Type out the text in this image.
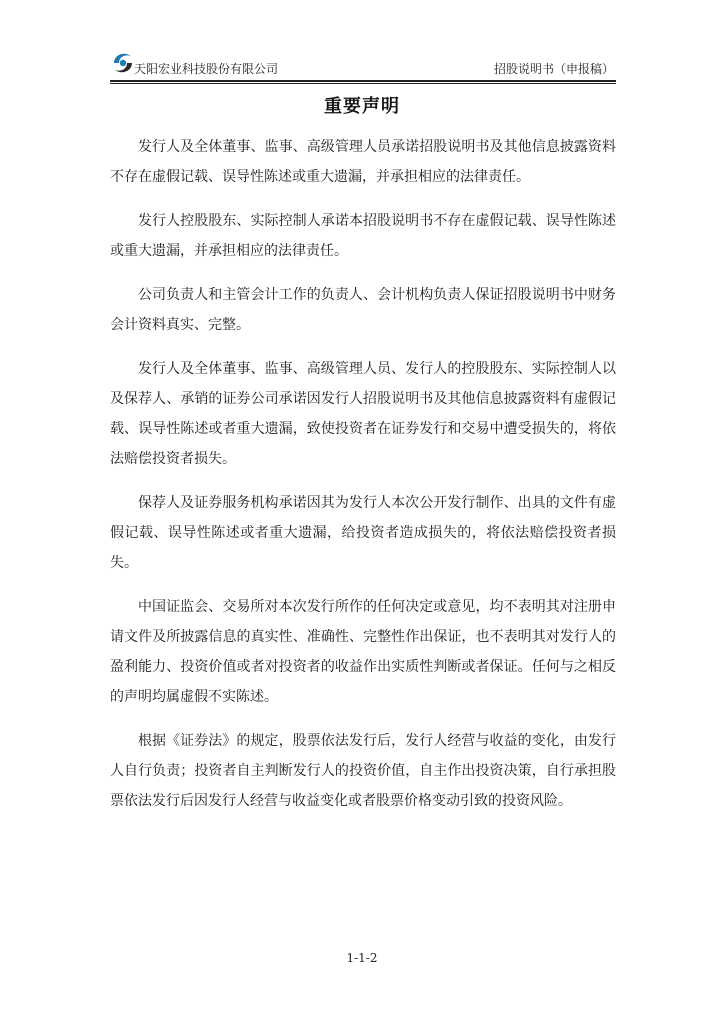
天阳宏业科技股份有限公司	招股说明书（申报稿）
重要声明

发行人及全体董事、监事、高级管理人员承诺招股说明书及其他信息披露资料不存在虚假记载、误导性陈述或重大遗漏，并承担相应的法律责任。

发行人控股股东、实际控制人承诺本招股说明书不存在虚假记载、误导性陈述或重大遗漏，并承担相应的法律责任。

公司负责人和主管会计工作的负责人、会计机构负责人保证招股说明书中财务会计资料真实、完整。

发行人及全体董事、监事、高级管理人员、发行人的控股股东、实际控制人以及保荐人、承销的证券公司承诺因发行人招股说明书及其他信息披露资料有虚假记载、误导性陈述或者重大遗漏，致使投资者在证券发行和交易中遭受损失的，将依法赔偿投资者损失。

保荐人及证券服务机构承诺因其为发行人本次公开发行制作、出具的文件有虚假记载、误导性陈述或者重大遗漏，给投资者造成损失的，将依法赔偿投资者损失。

中国证监会、交易所对本次发行所作的任何决定或意见，均不表明其对注册申请文件及所披露信息的真实性、准确性、完整性作出保证，也不表明其对发行人的盈利能力、投资价值或者对投资者的收益作出实质性判断或者保证。任何与之相反的声明均属虚假不实陈述。

根据《证券法》的规定，股票依法发行后，发行人经营与收益的变化，由发行人自行负责；投资者自主判断发行人的投资价值，自主作出投资决策，自行承担股票依法发行后因发行人经营与收益变化或者股票价格变动引致的投资风险。

1-1-2
